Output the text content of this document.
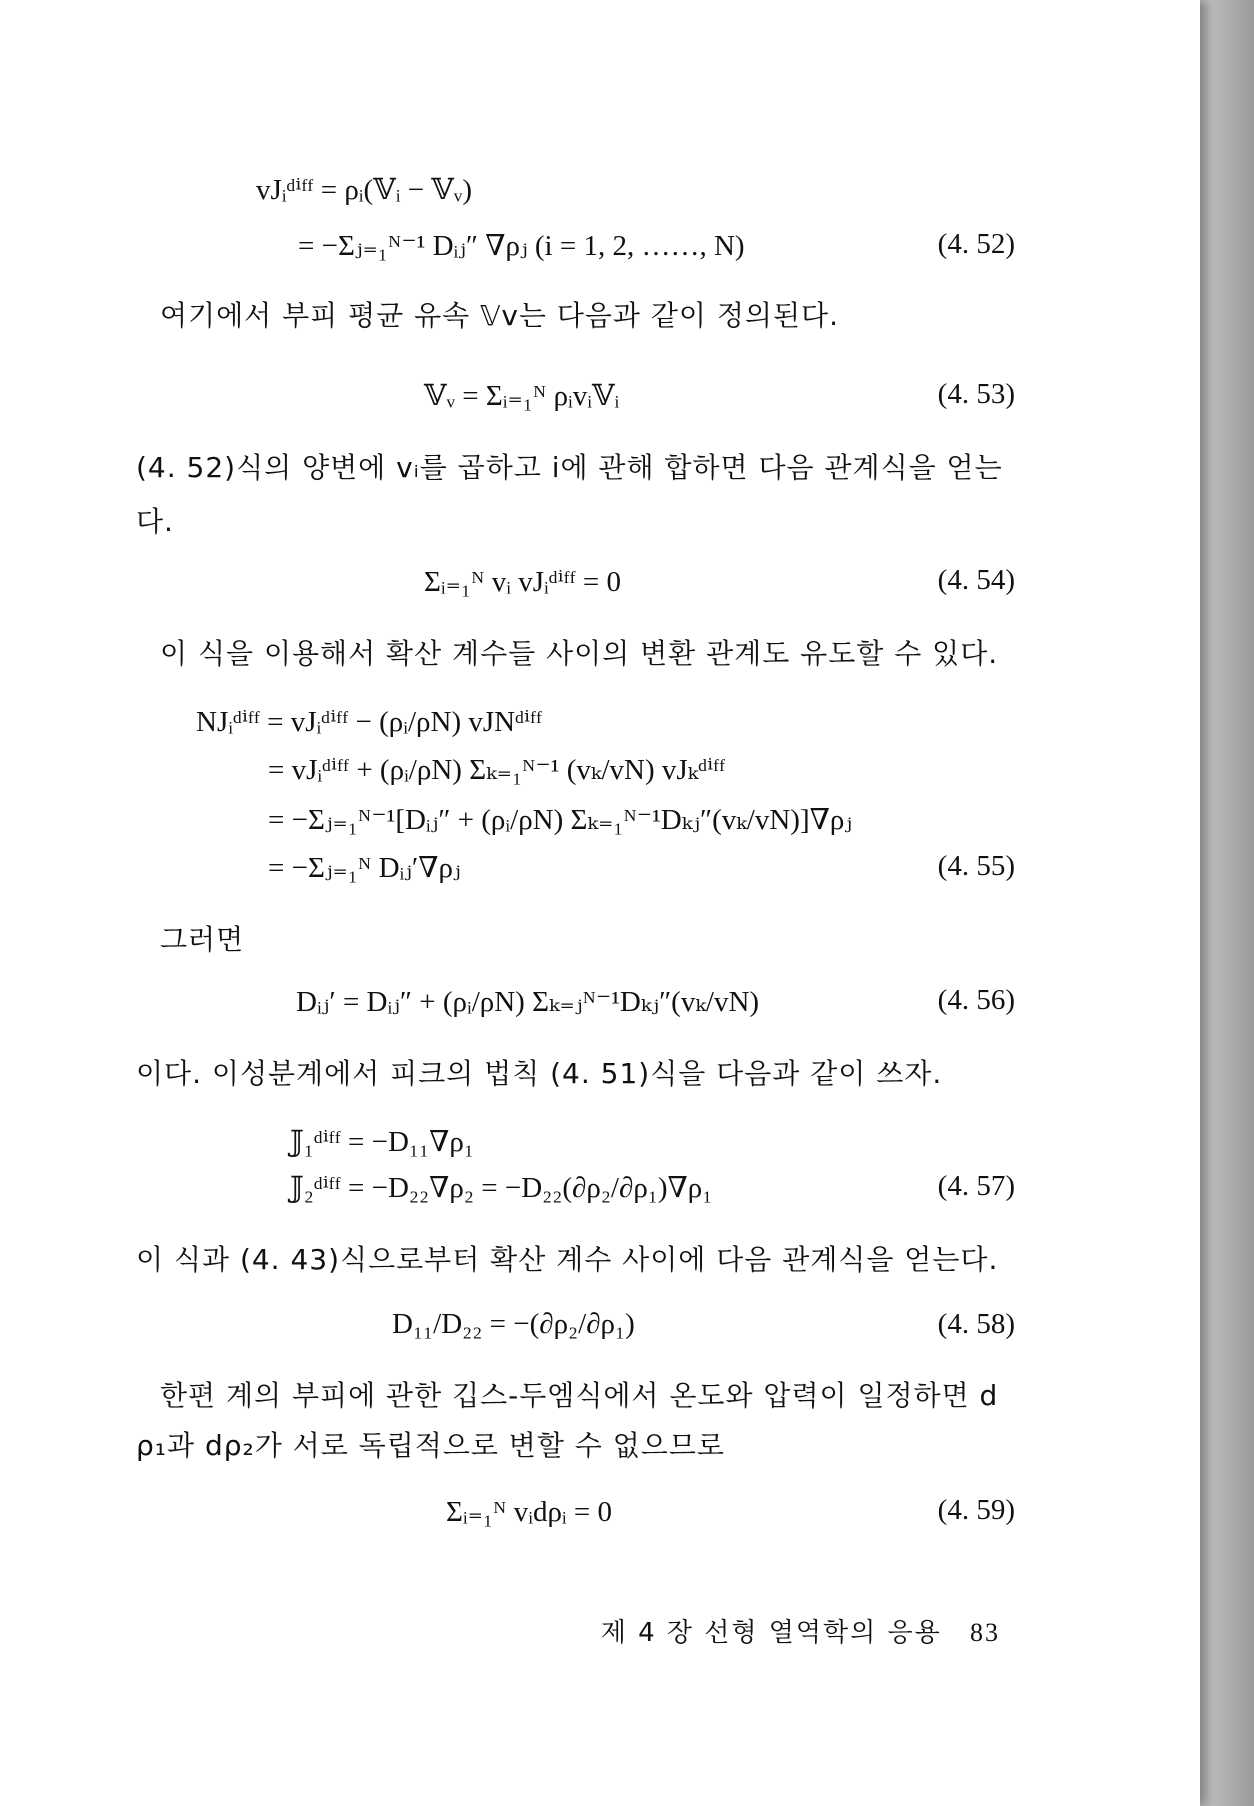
vJᵢᵈⁱᶠᶠ = ρᵢ(𝕍ᵢ − 𝕍ᵥ)
= −Σⱼ₌₁ᴺ⁻¹ Dᵢⱼ″ ∇ρⱼ (i = 1, 2, ……, N)	(4. 52)
여기에서 부피 평균 유속 𝕍v는 다음과 같이 정의된다.
𝕍ᵥ = Σᵢ₌₁ᴺ ρᵢvᵢ𝕍ᵢ	(4. 53)
(4. 52)식의 양변에 vᵢ를 곱하고 i에 관해 합하면 다음 관계식을 얻는
다.
Σᵢ₌₁ᴺ vᵢ vJᵢᵈⁱᶠᶠ = 0	(4. 54)
이 식을 이용해서 확산 계수들 사이의 변환 관계도 유도할 수 있다.
NJᵢᵈⁱᶠᶠ = vJᵢᵈⁱᶠᶠ − (ρᵢ/ρN) vJNᵈⁱᶠᶠ
= vJᵢᵈⁱᶠᶠ + (ρᵢ/ρN) Σₖ₌₁ᴺ⁻¹ (vₖ/vN) vJₖᵈⁱᶠᶠ
= −Σⱼ₌₁ᴺ⁻¹[Dᵢⱼ″ + (ρᵢ/ρN) Σₖ₌₁ᴺ⁻¹Dₖⱼ″(vₖ/vN)]∇ρⱼ
= −Σⱼ₌₁ᴺ Dᵢⱼ′∇ρⱼ	(4. 55)
그러면
Dᵢⱼ′ = Dᵢⱼ″ + (ρᵢ/ρN) Σₖ₌ⱼᴺ⁻¹Dₖⱼ″(vₖ/vN)	(4. 56)
이다. 이성분계에서 피크의 법칙 (4. 51)식을 다음과 같이 쓰자.
𝕁₁ᵈⁱᶠᶠ = −D₁₁∇ρ₁
𝕁₂ᵈⁱᶠᶠ = −D₂₂∇ρ₂ = −D₂₂(∂ρ₂/∂ρ₁)∇ρ₁	(4. 57)
이 식과 (4. 43)식으로부터 확산 계수 사이에 다음 관계식을 얻는다.
D₁₁/D₂₂ = −(∂ρ₂/∂ρ₁)	(4. 58)
한편 계의 부피에 관한 깁스-두엠식에서 온도와 압력이 일정하면 d
ρ₁과 dρ₂가 서로 독립적으로 변할 수 없으므로
Σᵢ₌₁ᴺ vᵢdρᵢ = 0	(4. 59)
제 4 장 선형 열역학의 응용 83
